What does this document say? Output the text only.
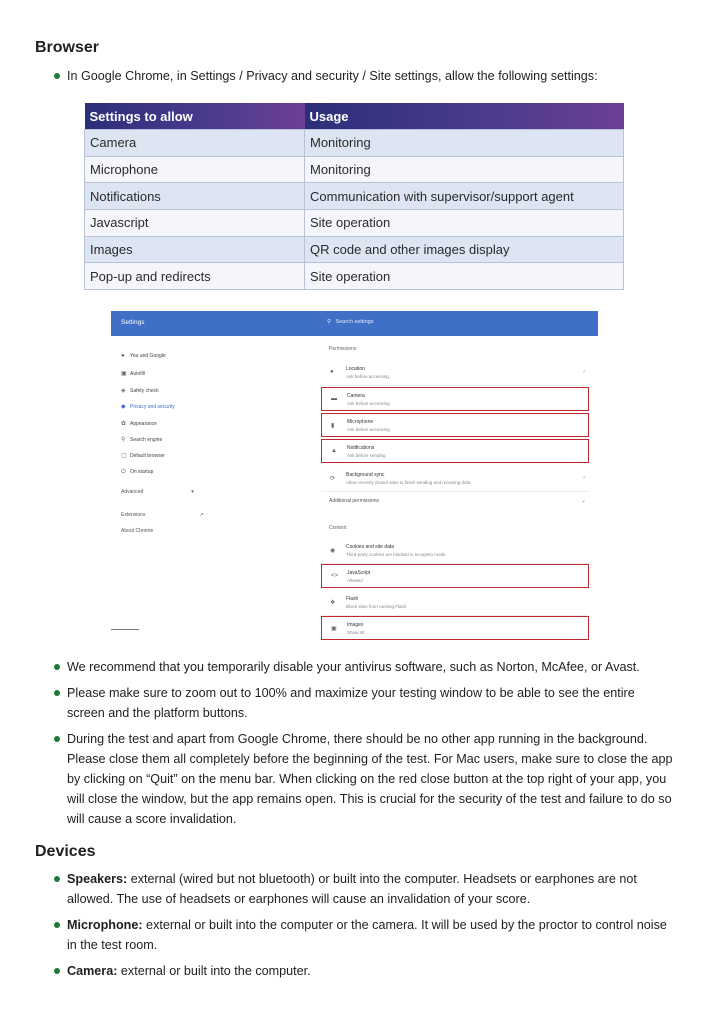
Browser
In Google Chrome, in Settings / Privacy and security / Site settings, allow the following settings:
Settings to allow	Usage
Camera	Monitoring
Microphone	Monitoring
Notifications	Communication with supervisor/support agent
Javascript	Site operation
Images	QR code and other images display
Pop-up and redirects	Site operation
Settings	⚲ Search settings
● You and Google
▣ Autofill
◈ Safety check
◆ Privacy and security
✿ Appearance
⚲ Search engine
▢ Default browser
⏻ On startup
Advanced	▾
Extensions	↗
About Chrome
Permissions
● Location
Ask before accessing
›
▬ Camera
Ask before accessing
▮
Microphone
Ask before accessing
▲ Notifications
Ask before sending
⟳
Background sync
Allow recently closed sites to finish sending and receiving data
›
Additional permissions	⌄
Content
◉
Cookies and site data
Third-party cookies are blocked in Incognito mode
<> JavaScript
Allowed
❖
Flash
Block sites from running Flash
▣
Images
Show all
We recommend that you temporarily disable your antivirus software, such as Norton, McAfee, or Avast.
Please make sure to zoom out to 100% and maximize your testing window to be able to see the entire screen and the platform buttons.
During the test and apart from Google Chrome, there should be no other app running in the background. Please close them all completely before the beginning of the test. For Mac users, make sure to close the app by clicking on “Quit” on the menu bar. When clicking on the red close button at the top right of your app, you will close the window, but the app remains open. This is crucial for the security of the test and failure to do so will cause a score invalidation.
Devices
Speakers: external (wired but not bluetooth) or built into the computer. Headsets or earphones are not allowed. The use of headsets or earphones will cause an invalidation of your score.
Microphone: external or built into the computer or the camera. It will be used by the proctor to control noise in the test room.
Camera: external or built into the computer.
